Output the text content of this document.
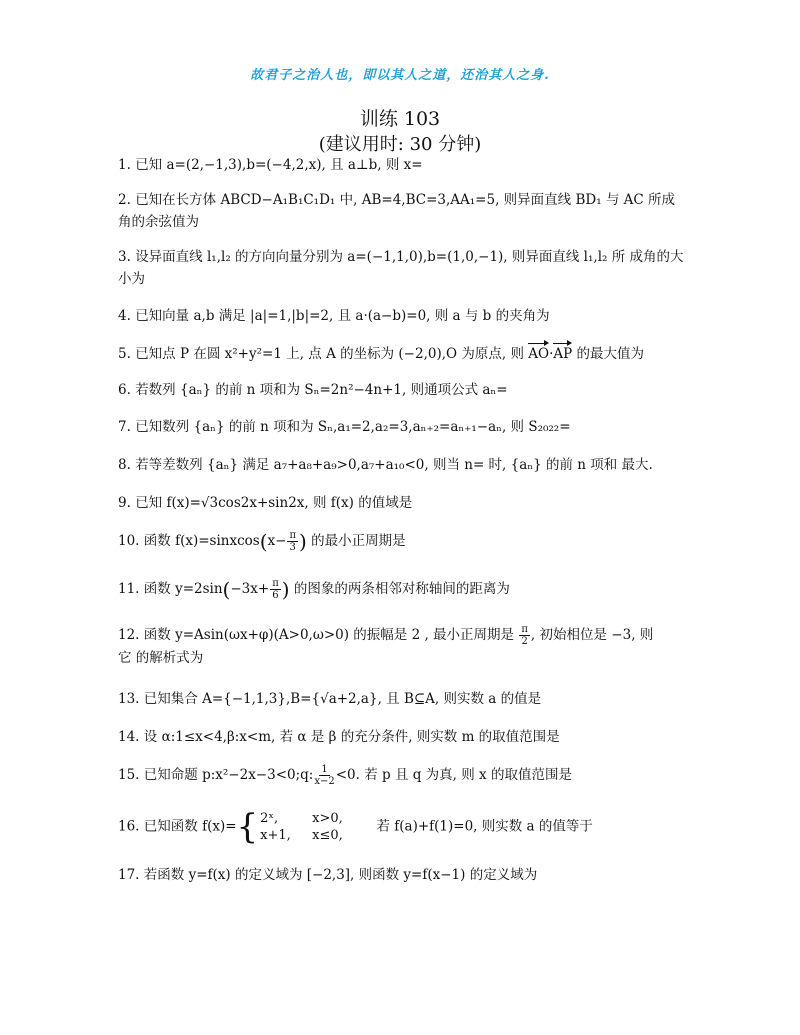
故君子之治人也，即以其人之道，还治其人之身.
训练 103
(建议用时: 30 分钟)
1. 已知 a=(2,−1,3),b=(−4,2,x), 且 a⊥b, 则 x=
2. 已知在长方体 ABCD−A₁B₁C₁D₁ 中, AB=4,BC=3,AA₁=5, 则异面直线 BD₁ 与 AC 所成角的余弦值为
3. 设异面直线 l₁,l₂ 的方向向量分别为 a=(−1,1,0),b=(1,0,−1), 则异面直线 l₁,l₂ 所 成角的大小为
4. 已知向量 a,b 满足 |a|=1,|b|=2, 且 a·(a−b)=0, 则 a 与 b 的夹角为
5. 已知点 P 在圆 x²+y²=1 上, 点 A 的坐标为 (−2,0),O 为原点, 则 AO·AP 的最大值为
6. 若数列 {aₙ} 的前 n 项和为 Sₙ=2n²−4n+1, 则通项公式 aₙ=
7. 已知数列 {aₙ} 的前 n 项和为 Sₙ,a₁=2,a₂=3,aₙ₊₂=aₙ₊₁−aₙ, 则 S₂₀₂₂=
8. 若等差数列 {aₙ} 满足 a₇+a₈+a₉>0,a₇+a₁₀<0, 则当 n= 时, {aₙ} 的前 n 项和 最大.
9. 已知 f(x)=√3cos2x+sin2x, 则 f(x) 的值域是
10. 函数 f(x)=sinxcos(x− $\frac{\pi}{3}$ ) 的最小正周期是
11. 函数 $y=2\sin(-3x+ \frac{\pi}{6}$ ) 的图象的两条相邻对称轴间的距离为
12. 函数 y=Asin(ωx+φ)(A>0,ω>0) 的振幅是 2 , 最小正周期是 $\frac{\pi}{2}$ , 初始相位是 −3, 则
它 的解析式为
13. 已知集合 A={−1,1,3},B={√a+2,a}, 且 B⊆A, 则实数 a 的值是
14. 设 α:1≤x<4,β:x<m, 若 α 是 β 的充分条件, 则实数 m 的取值范围是
15. 已知命题 p:x²−2x−3<0;q: $\frac{1}{x-2} <0$. 若 p 且 q 为真, 则 x 的取值范围是
16. 已知函数 f(x)= { 2ˣ,	x>0,
x+1,	x≤0,
若 f(a)+f(1)=0, 则实数 a 的值等于
17. 若函数 y=f(x) 的定义域为 [−2,3], 则函数 y=f(x−1) 的定义域为
